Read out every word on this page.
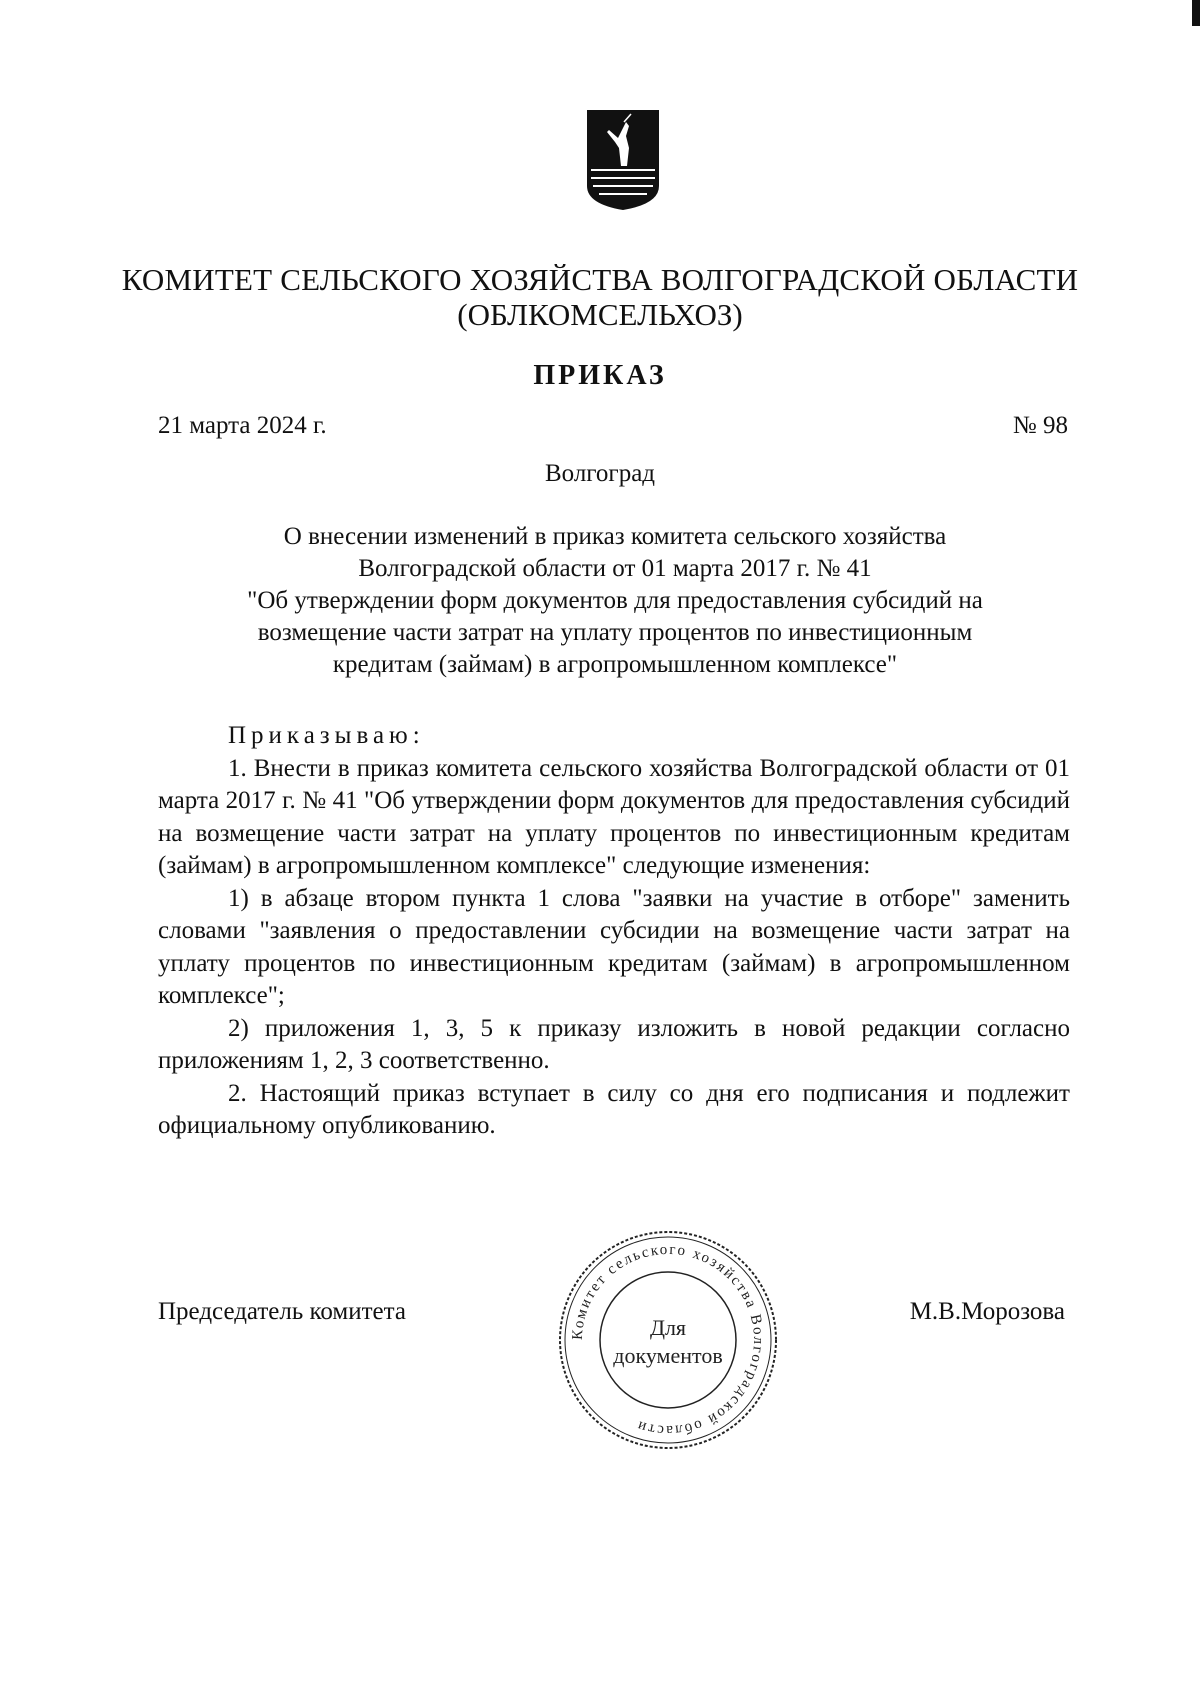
КОМИТЕТ СЕЛЬСКОГО ХОЗЯЙСТВА ВОЛГОГРАДСКОЙ ОБЛАСТИ
(ОБЛКОМСЕЛЬХОЗ)
ПРИКАЗ
21 марта 2024 г.	№ 98
Волгоград
О внесении изменений в приказ комитета сельского хозяйства
Волгоградской области от 01 марта 2017 г. № 41
"Об утверждении форм документов для предоставления субсидий на
возмещение части затрат на уплату процентов по инвестиционным
кредитам (займам) в агропромышленном комплексе"
Приказываю:
1. Внести в приказ комитета сельского хозяйства Волгоградской области от 01 марта 2017 г. № 41 "Об утверждении форм документов для предоставления субсидий на возмещение части затрат на уплату процентов по инвестиционным кредитам (займам) в агропромышленном комплексе" следующие изменения:
1) в абзаце втором пункта 1 слова "заявки на участие в отборе" заменить словами "заявления о предоставлении субсидии на возмещение части затрат на уплату процентов по инвестиционным кредитам (займам) в агропромышленном комплексе";
2) приложения 1, 3, 5 к приказу изложить в новой редакции согласно приложениям 1, 2, 3 соответственно.
2. Настоящий приказ вступает в силу со дня его подписания и подлежит официальному опубликованию.
Председатель комитета	М.В.Морозова
Комитет сельского хозяйства Волгоградской области
Для
документов
